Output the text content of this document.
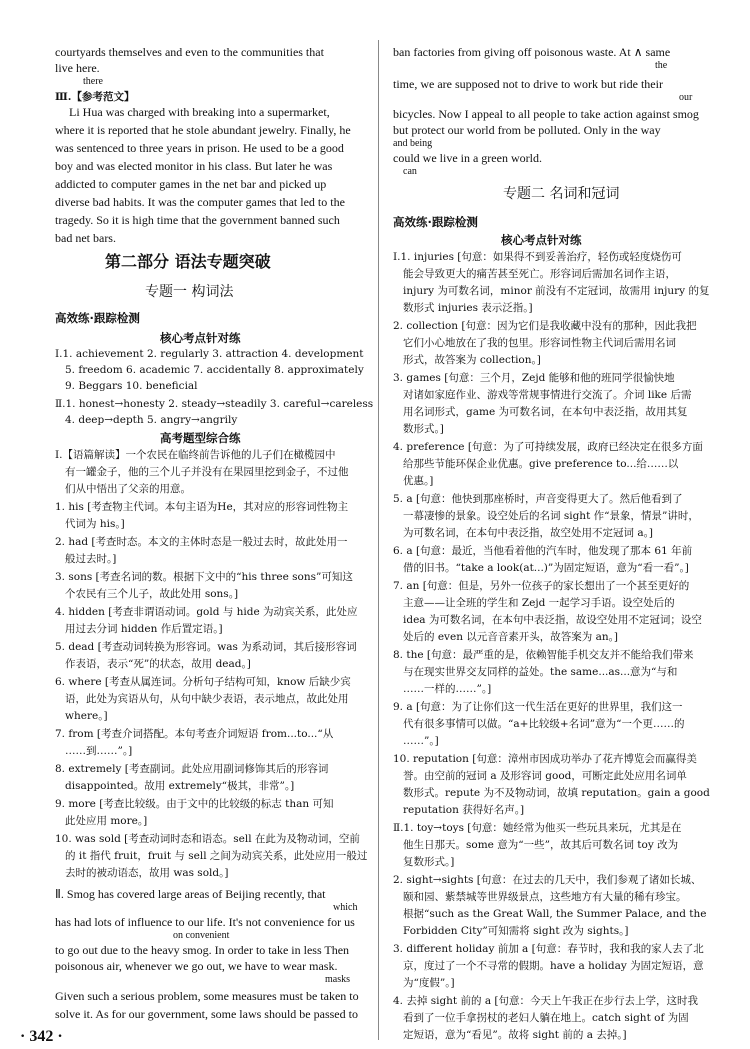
courtyards themselves and even to the communities that
live here.
there
Ⅲ.【参考范文】
Li Hua was charged with breaking into a supermarket,
where it is reported that he stole abundant jewelry. Finally, he
was sentenced to three years in prison. He used to be a good
boy and was elected monitor in his class. But later he was
addicted to computer games in the net bar and picked up
diverse bad habits. It was the computer games that led to the
tragedy. So it is high time that the government banned such
bad net bars.
第二部分 语法专题突破
专题一 构词法
高效练·跟踪检测
核心考点针对练
Ⅰ.1. achievement 2. regularly 3. attraction 4. development
5. freedom 6. academic 7. accidentally 8. approximately
9. Beggars 10. beneficial
Ⅱ.1. honest→honesty 2. steady→steadily 3. careful→careless
4. deep→depth 5. angry→angrily
高考题型综合练
Ⅰ.【语篇解读】一个农民在临终前告诉他的儿子们在橄榄园中
有一罐金子，他的三个儿子并没有在果园里挖到金子，不过他
们从中悟出了父亲的用意。
1. his [考查物主代词。本句主语为He，其对应的形容词性物主
代词为 his。]
2. had [考查时态。本文的主体时态是一般过去时，故此处用一
般过去时。]
3. sons [考查名词的数。根据下文中的“his three sons”可知这
个农民有三个儿子，故此处用 sons。]
4. hidden [考查非谓语动词。gold 与 hide 为动宾关系，此处应
用过去分词 hidden 作后置定语。]
5. dead [考查动词转换为形容词。was 为系动词，其后接形容词
作表语，表示“死”的状态，故用 dead。]
6. where [考查从属连词。分析句子结构可知，know 后缺少宾
语，此处为宾语从句，从句中缺少表语，表示地点，故此处用
where。]
7. from [考查介词搭配。本句考查介词短语 from...to...“从
……到……”。]
8. extremely [考查副词。此处应用副词修饰其后的形容词
disappointed。故用 extremely“极其，非常”。]
9. more [考查比较级。由于文中的比较级的标志 than 可知
此处应用 more。]
10. was sold [考查动词时态和语态。sell 在此为及物动词，空前
的 it 指代 fruit，fruit 与 sell 之间为动宾关系，此处应用一般过
去时的被动语态，故用 was sold。]
Ⅱ. Smog has covered large areas of Beijing recently, that
which
has had lots of influence to our life. It's not convenience for us
on convenient
to go out due to the heavy smog. In order to take in less Then
poisonous air, whenever we go out, we have to wear mask.
masks
Given such a serious problem, some measures must be taken to
solve it. As for our government, some laws should be passed to
ban factories from giving off poisonous waste. At ∧ same
the
time, we are supposed not to drive to work but ride their
our
bicycles. Now I appeal to all people to take action against smog
but protect our world from be polluted. Only in the way
and being
could we live in a green world.
can
专题二 名词和冠词
高效练·跟踪检测
核心考点针对练
Ⅰ.1. injuries [句意：如果得不到妥善治疗，轻伤或轻度烧伤可
能会导致更大的痛苦甚至死亡。形容词后需加名词作主语，
injury 为可数名词，minor 前没有不定冠词，故需用 injury 的复
数形式 injuries 表示泛指。]
2. collection [句意：因为它们是我收藏中没有的那种，因此我把
它们小心地放在了我的包里。形容词性物主代词后需用名词
形式，故答案为 collection。]
3. games [句意：三个月，Zejd 能够和他的班同学很愉快地
对诸如家庭作业、游戏等常规事情进行交流了。介词 like 后需
用名词形式，game 为可数名词，在本句中表泛指，故用其复
数形式。]
4. preference [句意：为了可持续发展，政府已经决定在很多方面
给那些节能环保企业优惠。give preference to...给……以
优惠。]
5. a [句意：他快到那座桥时，声音变得更大了。然后他看到了
一幕凄惨的景象。设空处后的名词 sight 作“景象，情景”讲时，
为可数名词，在本句中表泛指，故空处用不定冠词 a。]
6. a [句意：最近，当他看着他的汽车时，他发现了那本 61 年前
借的旧书。“take a look(at...)”为固定短语，意为“看一看”。]
7. an [句意：但是，另外一位孩子的家长想出了一个甚至更好的
主意——让全班的学生和 Zejd 一起学习手语。设空处后的
idea 为可数名词，在本句中表泛指，故设空处用不定冠词；设空
处后的 even 以元音音素开头，故答案为 an。]
8. the [句意：最严重的是，依赖智能手机交友并不能给我们带来
与在现实世界交友同样的益处。the same...as...意为“与和
……一样的……”。]
9. a [句意：为了让你们这一代生活在更好的世界里，我们这一
代有很多事情可以做。“a+比较级+名词”意为“一个更……的
……”。]
10. reputation [句意：漳州市因成功举办了花卉博览会而赢得美
誉。由空前的冠词 a 及形容词 good，可断定此处应用名词单
数形式。repute 为不及物动词，故填 reputation。gain a good
reputation 获得好名声。]
Ⅱ.1. toy→toys [句意：她经常为他买一些玩具来玩，尤其是在
他生日那天。some 意为“一些”，故其后可数名词 toy 改为
复数形式。]
2. sight→sights [句意：在过去的几天中，我们参观了诸如长城、
颐和园、紫禁城等世界级景点，这些地方有大量的稀有珍宝。
根据“such as the Great Wall, the Summer Palace, and the
Forbidden City”可知需将 sight 改为 sights。]
3. different holiday 前加 a [句意：春节时，我和我的家人去了北
京，度过了一个不寻常的假期。have a holiday 为固定短语，意
为“度假”。]
4. 去掉 sight 前的 a [句意：今天上午我正在步行去上学，这时我
看到了一位手拿拐杖的老妇人躺在地上。catch sight of 为固
定短语，意为“看见”。故将 sight 前的 a 去掉。]
· 342 ·
